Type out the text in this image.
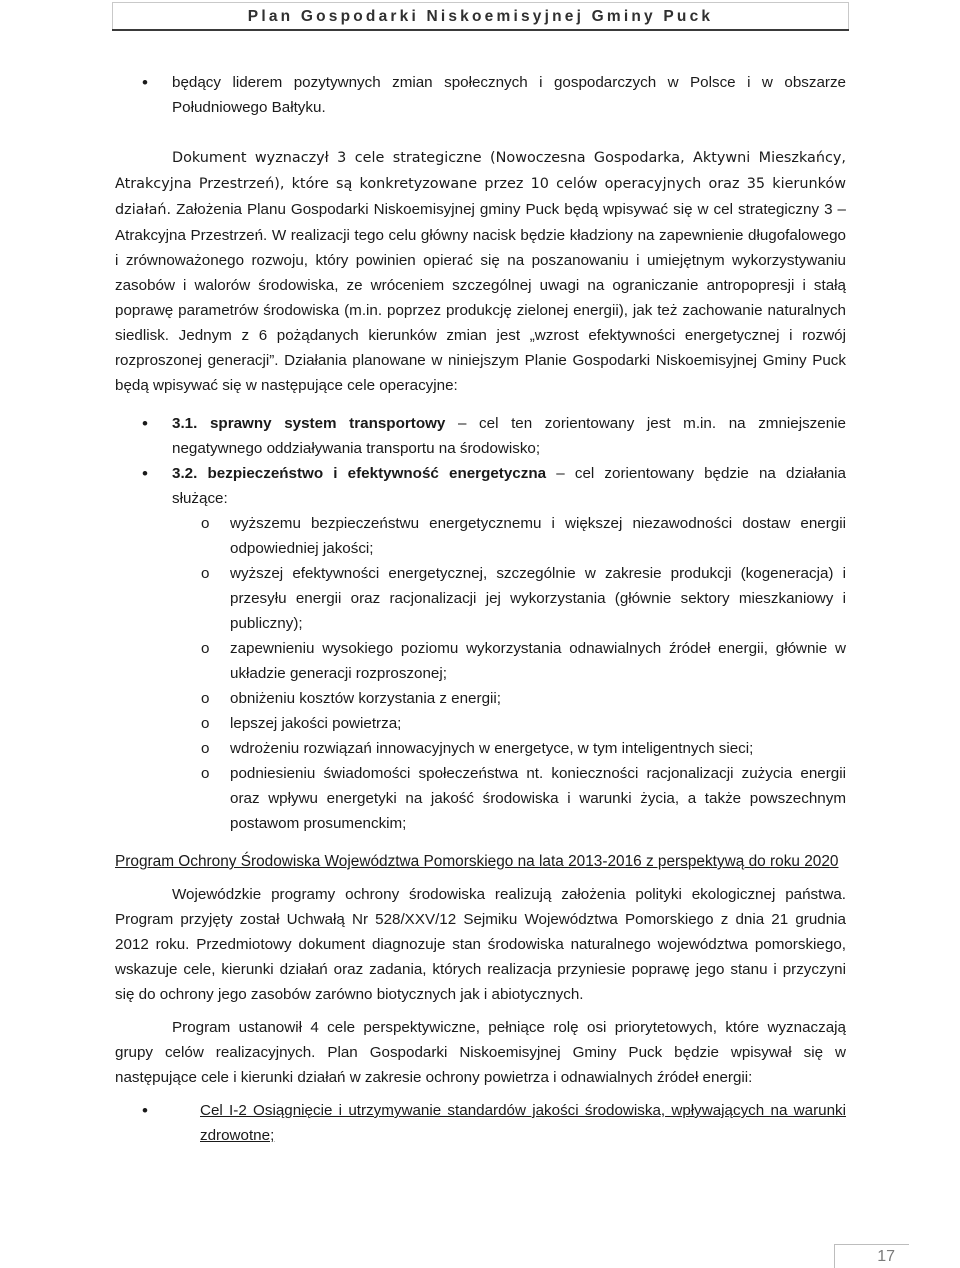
Plan Gospodarki Niskoemisyjnej Gminy Puck
• będący liderem pozytywnych zmian społecznych i gospodarczych w Polsce i w obszarze Południowego Bałtyku.

Dokument wyznaczył 3 cele strategiczne (Nowoczesna Gospodarka, Aktywni Mieszkańcy, Atrakcyjna Przestrzeń), które są konkretyzowane przez 10 celów operacyjnych oraz 35 kierunków działań. Założenia Planu Gospodarki Niskoemisyjnej gminy Puck będą wpisywać się w cel strategiczny 3 – Atrakcyjna Przestrzeń. W realizacji tego celu główny nacisk będzie kładziony na zapewnienie długofalowego i zrównoważonego rozwoju, który powinien opierać się na poszanowaniu i umiejętnym wykorzystywaniu zasobów i walorów środowiska, ze wróceniem szczególnej uwagi na ograniczanie antropopresji i stałą poprawę parametrów środowiska (m.in. poprzez produkcję zielonej energii), jak też zachowanie naturalnych siedlisk. Jednym z 6 pożądanych kierunków zmian jest „wzrost efektywności energetycznej i rozwój rozproszonej generacji”. Działania planowane w niniejszym Planie Gospodarki Niskoemisyjnej Gminy Puck będą wpisywać się w następujące cele operacyjne:

• 3.1. sprawny system transportowy – cel ten zorientowany jest m.in. na zmniejszenie negatywnego oddziaływania transportu na środowisko;
• 3.2. bezpieczeństwo i efektywność energetyczna – cel zorientowany będzie na działania służące:
o wyższemu bezpieczeństwu energetycznemu i większej niezawodności dostaw energii odpowiedniej jakości;
o wyższej efektywności energetycznej, szczególnie w zakresie produkcji (kogeneracja) i przesyłu energii oraz racjonalizacji jej wykorzystania (głównie sektory mieszkaniowy i publiczny);
o zapewnieniu wysokiego poziomu wykorzystania odnawialnych źródeł energii, głównie w układzie generacji rozproszonej;
o obniżeniu kosztów korzystania z energii;
o lepszej jakości powietrza;
o wdrożeniu rozwiązań innowacyjnych w energetyce, w tym inteligentnych sieci;
o podniesieniu świadomości społeczeństwa nt. konieczności racjonalizacji zużycia energii oraz wpływu energetyki na jakość środowiska i warunki życia, a także powszechnym postawom prosumenckim;

Program Ochrony Środowiska Województwa Pomorskiego na lata 2013-2016 z perspektywą do roku 2020

Wojewódzkie programy ochrony środowiska realizują założenia polityki ekologicznej państwa. Program przyjęty został Uchwałą Nr 528/XXV/12 Sejmiku Województwa Pomorskiego z dnia 21 grudnia 2012 roku. Przedmiotowy dokument diagnozuje stan środowiska naturalnego województwa pomorskiego, wskazuje cele, kierunki działań oraz zadania, których realizacja przyniesie poprawę jego stanu i przyczyni się do ochrony jego zasobów zarówno biotycznych jak i abiotycznych.

Program ustanowił 4 cele perspektywiczne, pełniące rolę osi priorytetowych, które wyznaczają grupy celów realizacyjnych. Plan Gospodarki Niskoemisyjnej Gminy Puck będzie wpisywał się w następujące cele i kierunki działań w zakresie ochrony powietrza i odnawialnych źródeł energii:

• Cel I-2 Osiągnięcie i utrzymywanie standardów jakości środowiska, wpływających na warunki zdrowotne;
17
